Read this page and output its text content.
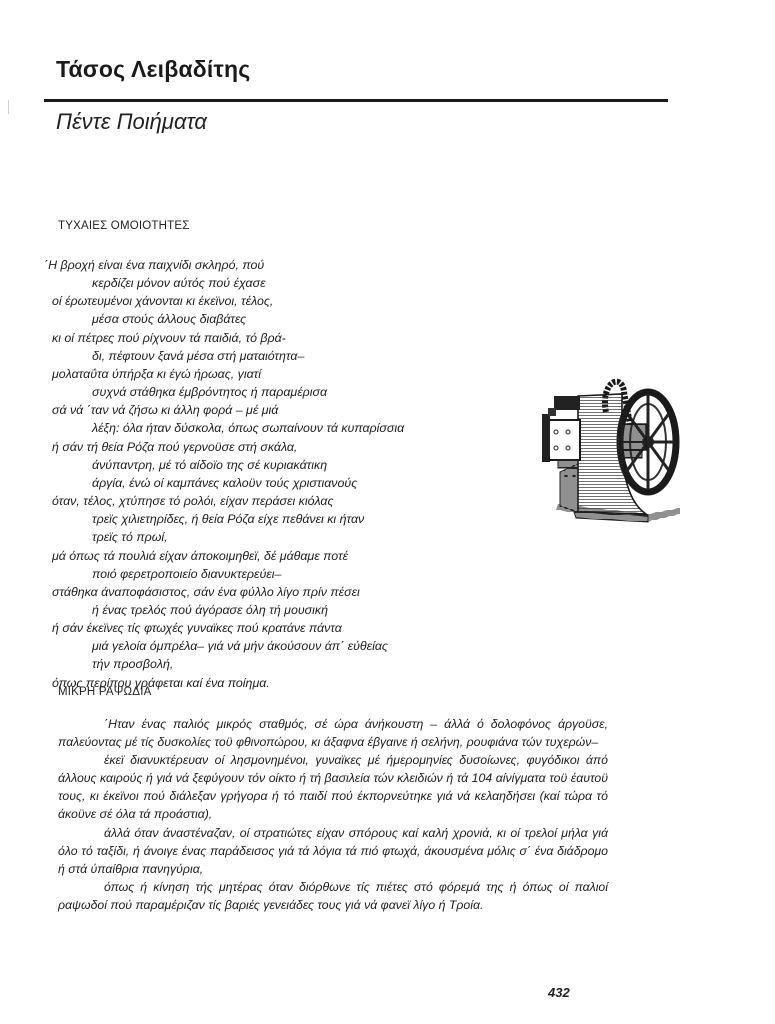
Τάσος Λειβαδίτης
Πέντε Ποιήματα
ΤΥΧΑΙΕΣ ΟΜΟΙΟΤΗΤΕΣ
΄Η βροχή είναι ένα παιχνίδι σκληρό, πού
κερδίζει μόνον αύτός πού έχασε
οί έρωτευμένοι χάνονται κι έκεϊνοι, τέλος,
μέσα στούς άλλους διαβάτες
κι οί πέτρες πού ρίχνουν τά παιδιά, τό βρά-
δι, πέφτουν ξανά μέσα στή ματαιότητα–
μολαταΰτα ύπήρξα κι έγώ ήρωας, γιατί
συχνά στάθηκα έμβρόντητος ή παραμέρισα
σά νά ΄ταν νά ζήσω κι άλλη φορά – μέ μιά
λέξη: όλα ήταν δύσκολα, όπως σωπαίνουν τά κυπαρίσσια
ή σάν τή θεία Ρόζα πού γερνοϋσε στή σκάλα,
άνύπαντρη, μέ τό αίδοϊο της σέ κυριακάτικη
άργία, ένώ οί καμπάνες καλοϋν τούς χριστιανούς
όταν, τέλος, χτύπησε τό ρολόι, είχαν περάσει κιόλας
τρεϊς χιλιετηρίδες, ή θεία Ρόζα είχε πεθάνει κι ήταν
τρεϊς τό πρωί,
μά όπως τά πουλιά είχαν άποκοιμηθεϊ, δέ μάθαμε ποτέ
ποιό φερετροποιείο διανυκτερεύει–
στάθηκα άναποφάσιστος, σάν ένα φύλλο λίγο πρίν πέσει
ή ένας τρελός πού άγόρασε όλη τή μουσική
ή σάν έκεϊνες τίς φτωχές γυναϊκες πού κρατάνε πάντα
μιά γελοία όμπρέλα– γιά νά μήν άκούσουν άπ΄ εύθείας
τήν προσβολή,
όπως περίπου γράφεται καί ένα ποίημα.
ΜΙΚΡΗ ΡΑΨΩΔΙΑ

΄Ηταν ένας παλιός μικρός σταθμός, σέ ώρα άνήκουστη – άλλά ό δολοφόνος άργοϋσε, παλεύοντας μέ τίς δυσκολίες τοϋ φθινοπώρου, κι άξαφνα έβγαινε ή σελήνη, ρουφιάνα τών τυχερών–

έκεϊ διανυκτέρευαν οί λησμονημένοι, γυναϊκες μέ ήμερομηνίες δυσοίωνες, φυγόδικοι άπό άλλους καιρούς ή γιά νά ξεφύγουν τόν οίκτο ή τή βασιλεία τών κλειδιών ή τά 104 αίνίγματα τοϋ έαυτοϋ τους, κι έκεϊνοι πού διάλεξαν γρήγορα ή τό παιδί πού έκπορνεύτηκε γιά νά κελαηδήσει (καί τώρα τό άκοϋνε σέ όλα τά προάστια),

άλλά όταν άναστέναζαν, οί στρατιώτες είχαν σπόρους καί καλή χρονιά, κι οί τρελοί μήλα γιά όλο τό ταξίδι, ή άνοιγε ένας παράδεισος γιά τά λόγια τά πιό φτωχά, άκουσμένα μόλις σ΄ ένα διάδρομο ή στά ύπαίθρια πανηγύρια,

όπως ή κίνηση τής μητέρας όταν διόρθωνε τίς πιέτες στό φόρεμά της ή όπως οί παλιοί ραψωδοί πού παραμέριζαν τίς βαριές γενειάδες τους γιά νά φανεϊ λίγο ή Τροία.

432
